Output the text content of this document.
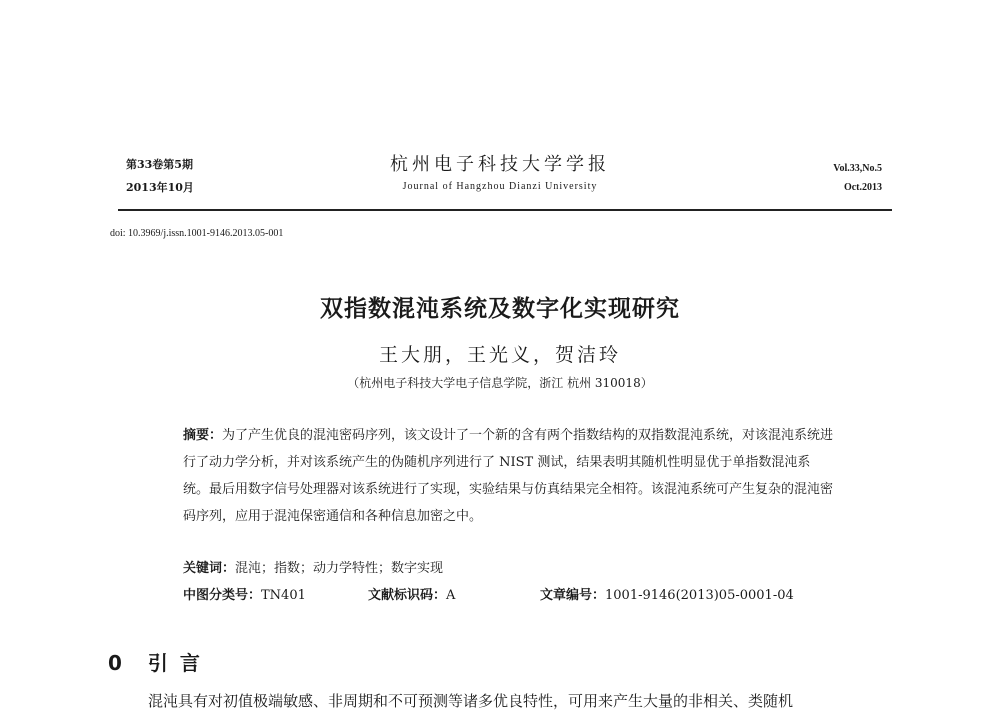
第33卷第5期
2013年10月
杭州电子科技大学学报
Journal of Hangzhou Dianzi University
Vol.33,No.5
Oct.2013
doi: 10.3969/j.issn.1001-9146.2013.05-001
双指数混沌系统及数字化实现研究
王大朋，王光义，贺洁玲
（杭州电子科技大学电子信息学院，浙江 杭州 310018）

摘要：为了产生优良的混沌密码序列，该文设计了一个新的含有两个指数结构的双指数混沌系统，对该混沌系统进行了动力学分析，并对该系统产生的伪随机序列进行了 NIST 测试，结果表明其随机性明显优于单指数混沌系统。最后用数字信号处理器对该系统进行了实现，实验结果与仿真结果完全相符。该混沌系统可产生复杂的混沌密码序列，应用于混沌保密通信和各种信息加密之中。

关键词：混沌；指数；动力学特性；数字实现
中图分类号：TN401	文献标识码：A	文章编号：1001-9146(2013)05-0001-04
0 引言
混沌具有对初值极端敏感、非周期和不可预测等诸多优良特性，可用来产生大量的非相关、类随机
